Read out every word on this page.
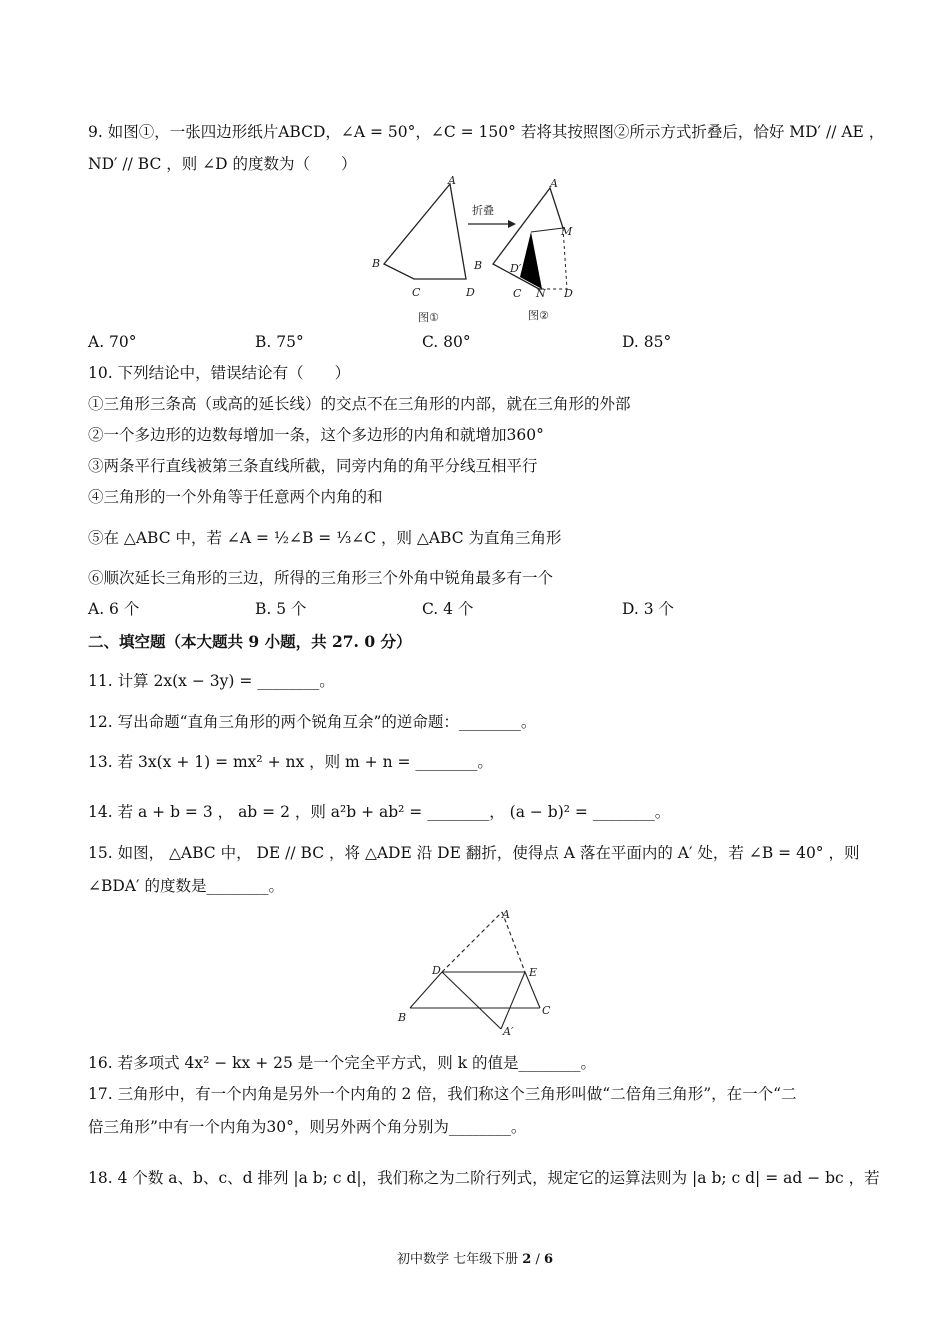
9. 如图①，一张四边形纸片ABCD，∠A = 50°，∠C = 150° 若将其按照图②所示方式折叠后，恰好 MD′ // AE ，
ND′ // BC ，则 ∠D 的度数为（　　）
A
B
C	D
折叠
A
B
C N D
M
D′
图①	图②
A. 70°	B. 75°	C. 80°	D. 85°
10. 下列结论中，错误结论有（　　）
①三角形三条高（或高的延长线）的交点不在三角形的内部，就在三角形的外部
②一个多边形的边数每增加一条，这个多边形的内角和就增加360°
③两条平行直线被第三条直线所截，同旁内角的角平分线互相平行
④三角形的一个外角等于任意两个内角的和
⑤在 △ABC 中，若 ∠A = ½∠B = ⅓∠C ，则 △ABC 为直角三角形
⑥顺次延长三角形的三边，所得的三角形三个外角中锐角最多有一个
A. 6 个	B. 5 个	C. 4 个	D. 3 个
二、填空题（本大题共 9 小题，共 27. 0 分）
11. 计算 2x(x − 3y) = ________。
12. 写出命题“直角三角形的两个锐角互余”的逆命题：________。
13. 若 3x(x + 1) = mx² + nx ，则 m + n = ________。
14. 若 a + b = 3 ， ab = 2 ，则 a²b + ab² = ________， (a − b)² = ________。
15. 如图， △ABC 中， DE // BC ，将 △ADE 沿 DE 翻折，使得点 A 落在平面内的 A′ 处，若 ∠B = 40° ，则
∠BDA′ 的度数是________。
A
D	E
B
C
A′
16. 若多项式 4x² − kx + 25 是一个完全平方式，则 k 的值是________。
17. 三角形中，有一个内角是另外一个内角的 2 倍，我们称这个三角形叫做“二倍角三角形”，在一个“二
倍三角形”中有一个内角为30°，则另外两个角分别为________。
18. 4 个数 a、b、c、d 排列 |a b; c d|，我们称之为二阶行列式，规定它的运算法则为 |a b; c d| = ad − bc ，若
初中数学 七年级下册 2 / 6
